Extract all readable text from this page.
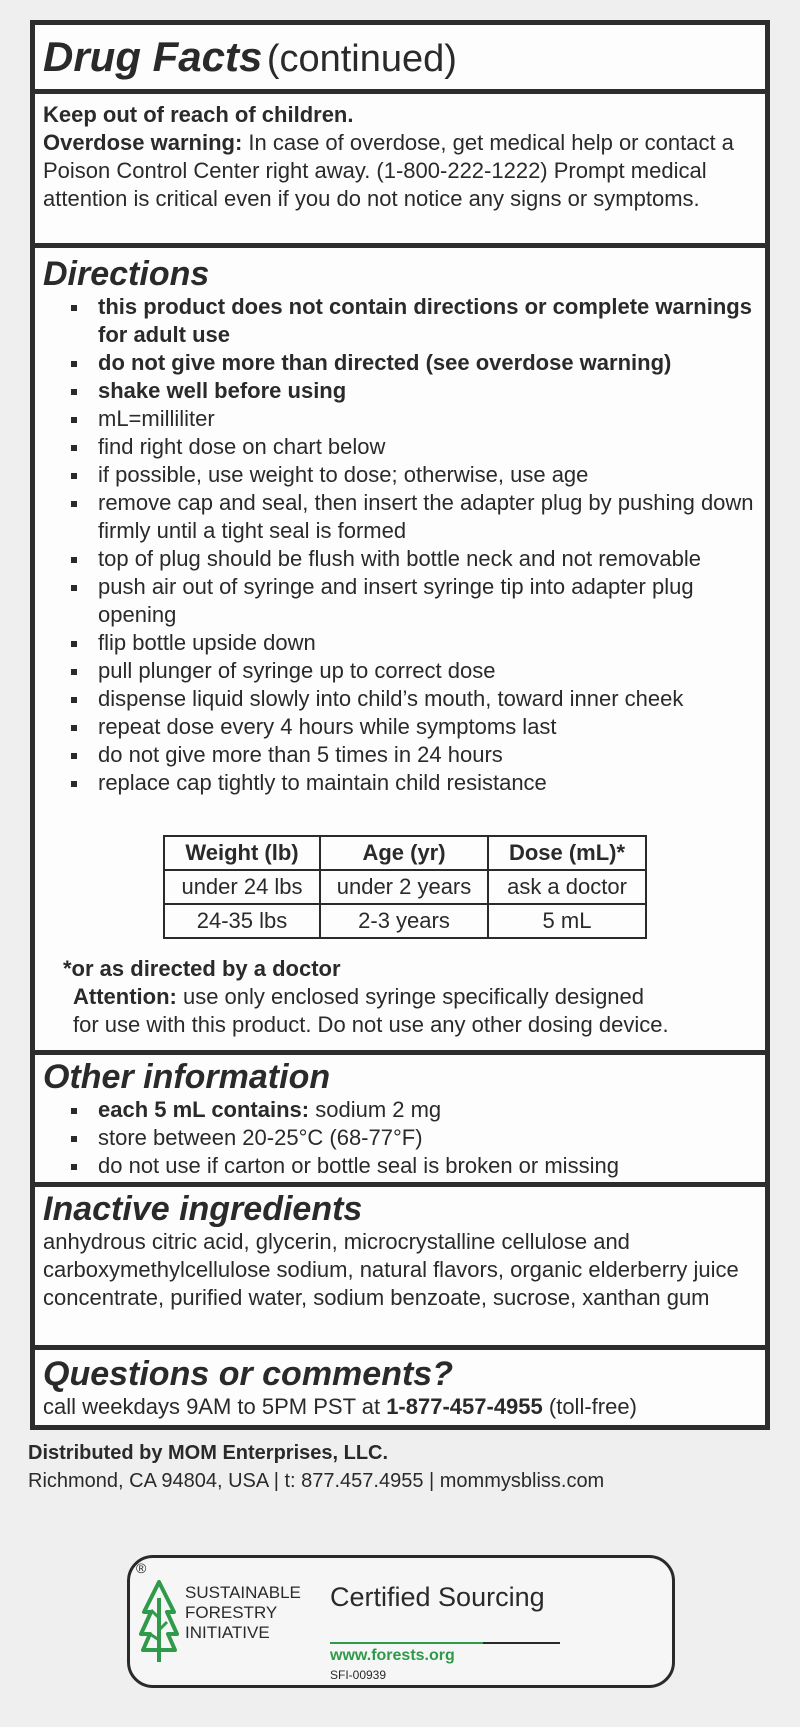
Drug Facts (continued)
Keep out of reach of children.
Overdose warning: In case of overdose, get medical help or contact a Poison Control Center right away. (1-800-222-1222) Prompt medical attention is critical even if you do not notice any signs or symptoms.
Directions
this product does not contain directions or complete warnings for adult use
do not give more than directed (see overdose warning)
shake well before using
mL=milliliter
find right dose on chart below
if possible, use weight to dose; otherwise, use age
remove cap and seal, then insert the adapter plug by pushing down firmly until a tight seal is formed
top of plug should be flush with bottle neck and not removable
push air out of syringe and insert syringe tip into adapter plug opening
flip bottle upside down
pull plunger of syringe up to correct dose
dispense liquid slowly into child’s mouth, toward inner cheek
repeat dose every 4 hours while symptoms last
do not give more than 5 times in 24 hours
replace cap tightly to maintain child resistance
Weight (lb)	Age (yr)	Dose (mL)*
under 24 lbs	under 2 years	ask a doctor
24-35 lbs	2-3 years	5 mL
*or as directed by a doctor
Attention: use only enclosed syringe specifically designed
for use with this product. Do not use any other dosing device.
Other information
each 5 mL contains: sodium 2 mg
store between 20-25°C (68-77°F)
do not use if carton or bottle seal is broken or missing
Inactive ingredients
anhydrous citric acid, glycerin, microcrystalline cellulose and carboxymethylcellulose sodium, natural flavors, organic elderberry juice concentrate, purified water, sodium benzoate, sucrose, xanthan gum
Questions or comments?
call weekdays 9AM to 5PM PST at 1-877-457-4955 (toll-free)
Distributed by MOM Enterprises, LLC.
Richmond, CA 94804, USA | t: 877.457.4955 | mommysbliss.com
®
SUSTAINABLE
FORESTRY
INITIATIVE
Certified Sourcing
www.forests.org
SFI-00939
